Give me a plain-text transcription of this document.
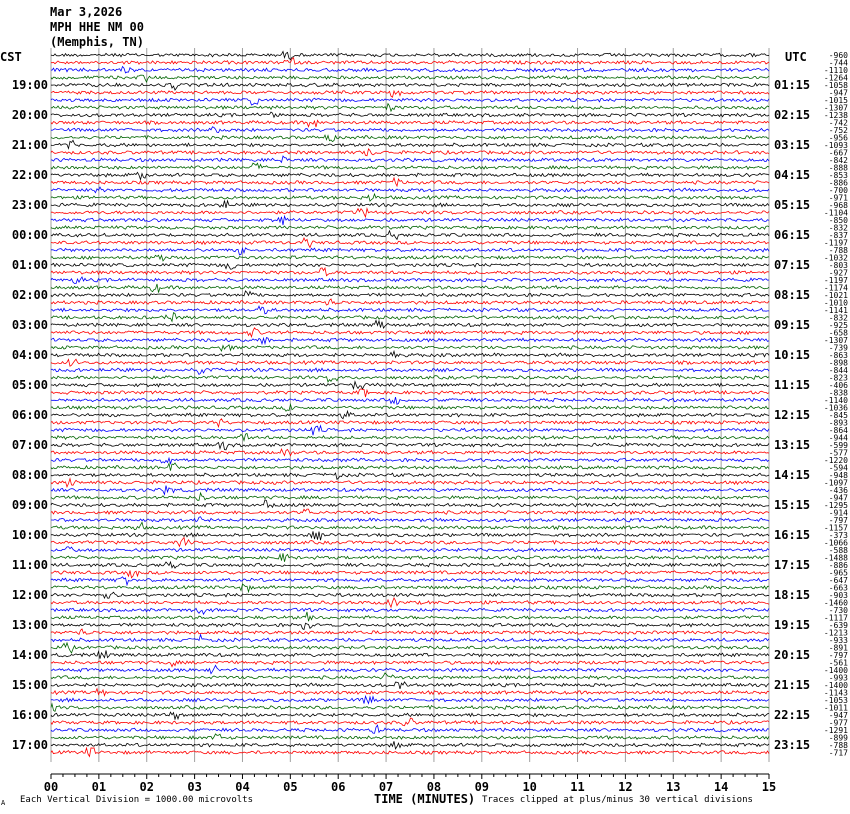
Mar 3,2026
MPH HHE NM 00
(Memphis, TN)
CST	UTC
19:00
20:00
21:00
22:00
23:00
00:00
01:00
02:00
03:00
04:00
05:00
06:00
07:00
08:00
09:00
10:00
11:00
12:00
13:00
14:00
15:00
16:00
17:00
01:15
02:15
03:15
04:15
05:15
06:15
07:15
08:15
09:15
10:15
11:15
12:15
13:15
14:15
15:15
16:15
17:15
18:15
19:15
20:15
21:15
22:15
23:15
-960
-744
-1110
-1264
-1058
-947
-1015
-1307
-1238
-742
-752
-956
-1093
-667
-842
-888
-853
-886
-700
-971
-968
-1104
-850
-832
-837
-1197
-788
-1032
-803
-927
-1197
-1174
-1021
-1010
-1141
-832
-925
-658
-1307
-739
-863
-898
-844
-823
-406
-838
-1140
-1036
-845
-893
-864
-944
-599
-577
-1220
-594
-948
-1097
-436
-947
-1295
-914
-797
-1157
-373
-1066
-588
-1488
-886
-965
-647
-663
-903
-1460
-730
-1117
-639
-1213
-933
-891
-797
-561
-1400
-993
-1400
-1143
-1053
-1011
-947
-977
-1291
-899
-788
-717
00	01	02	03	04	05	06	07	08	09	10	11	12	13	14	15
A Each Vertical Division = 1000.00 microvolts	TIME (MINUTES) Traces clipped at plus/minus 30 vertical divisions
